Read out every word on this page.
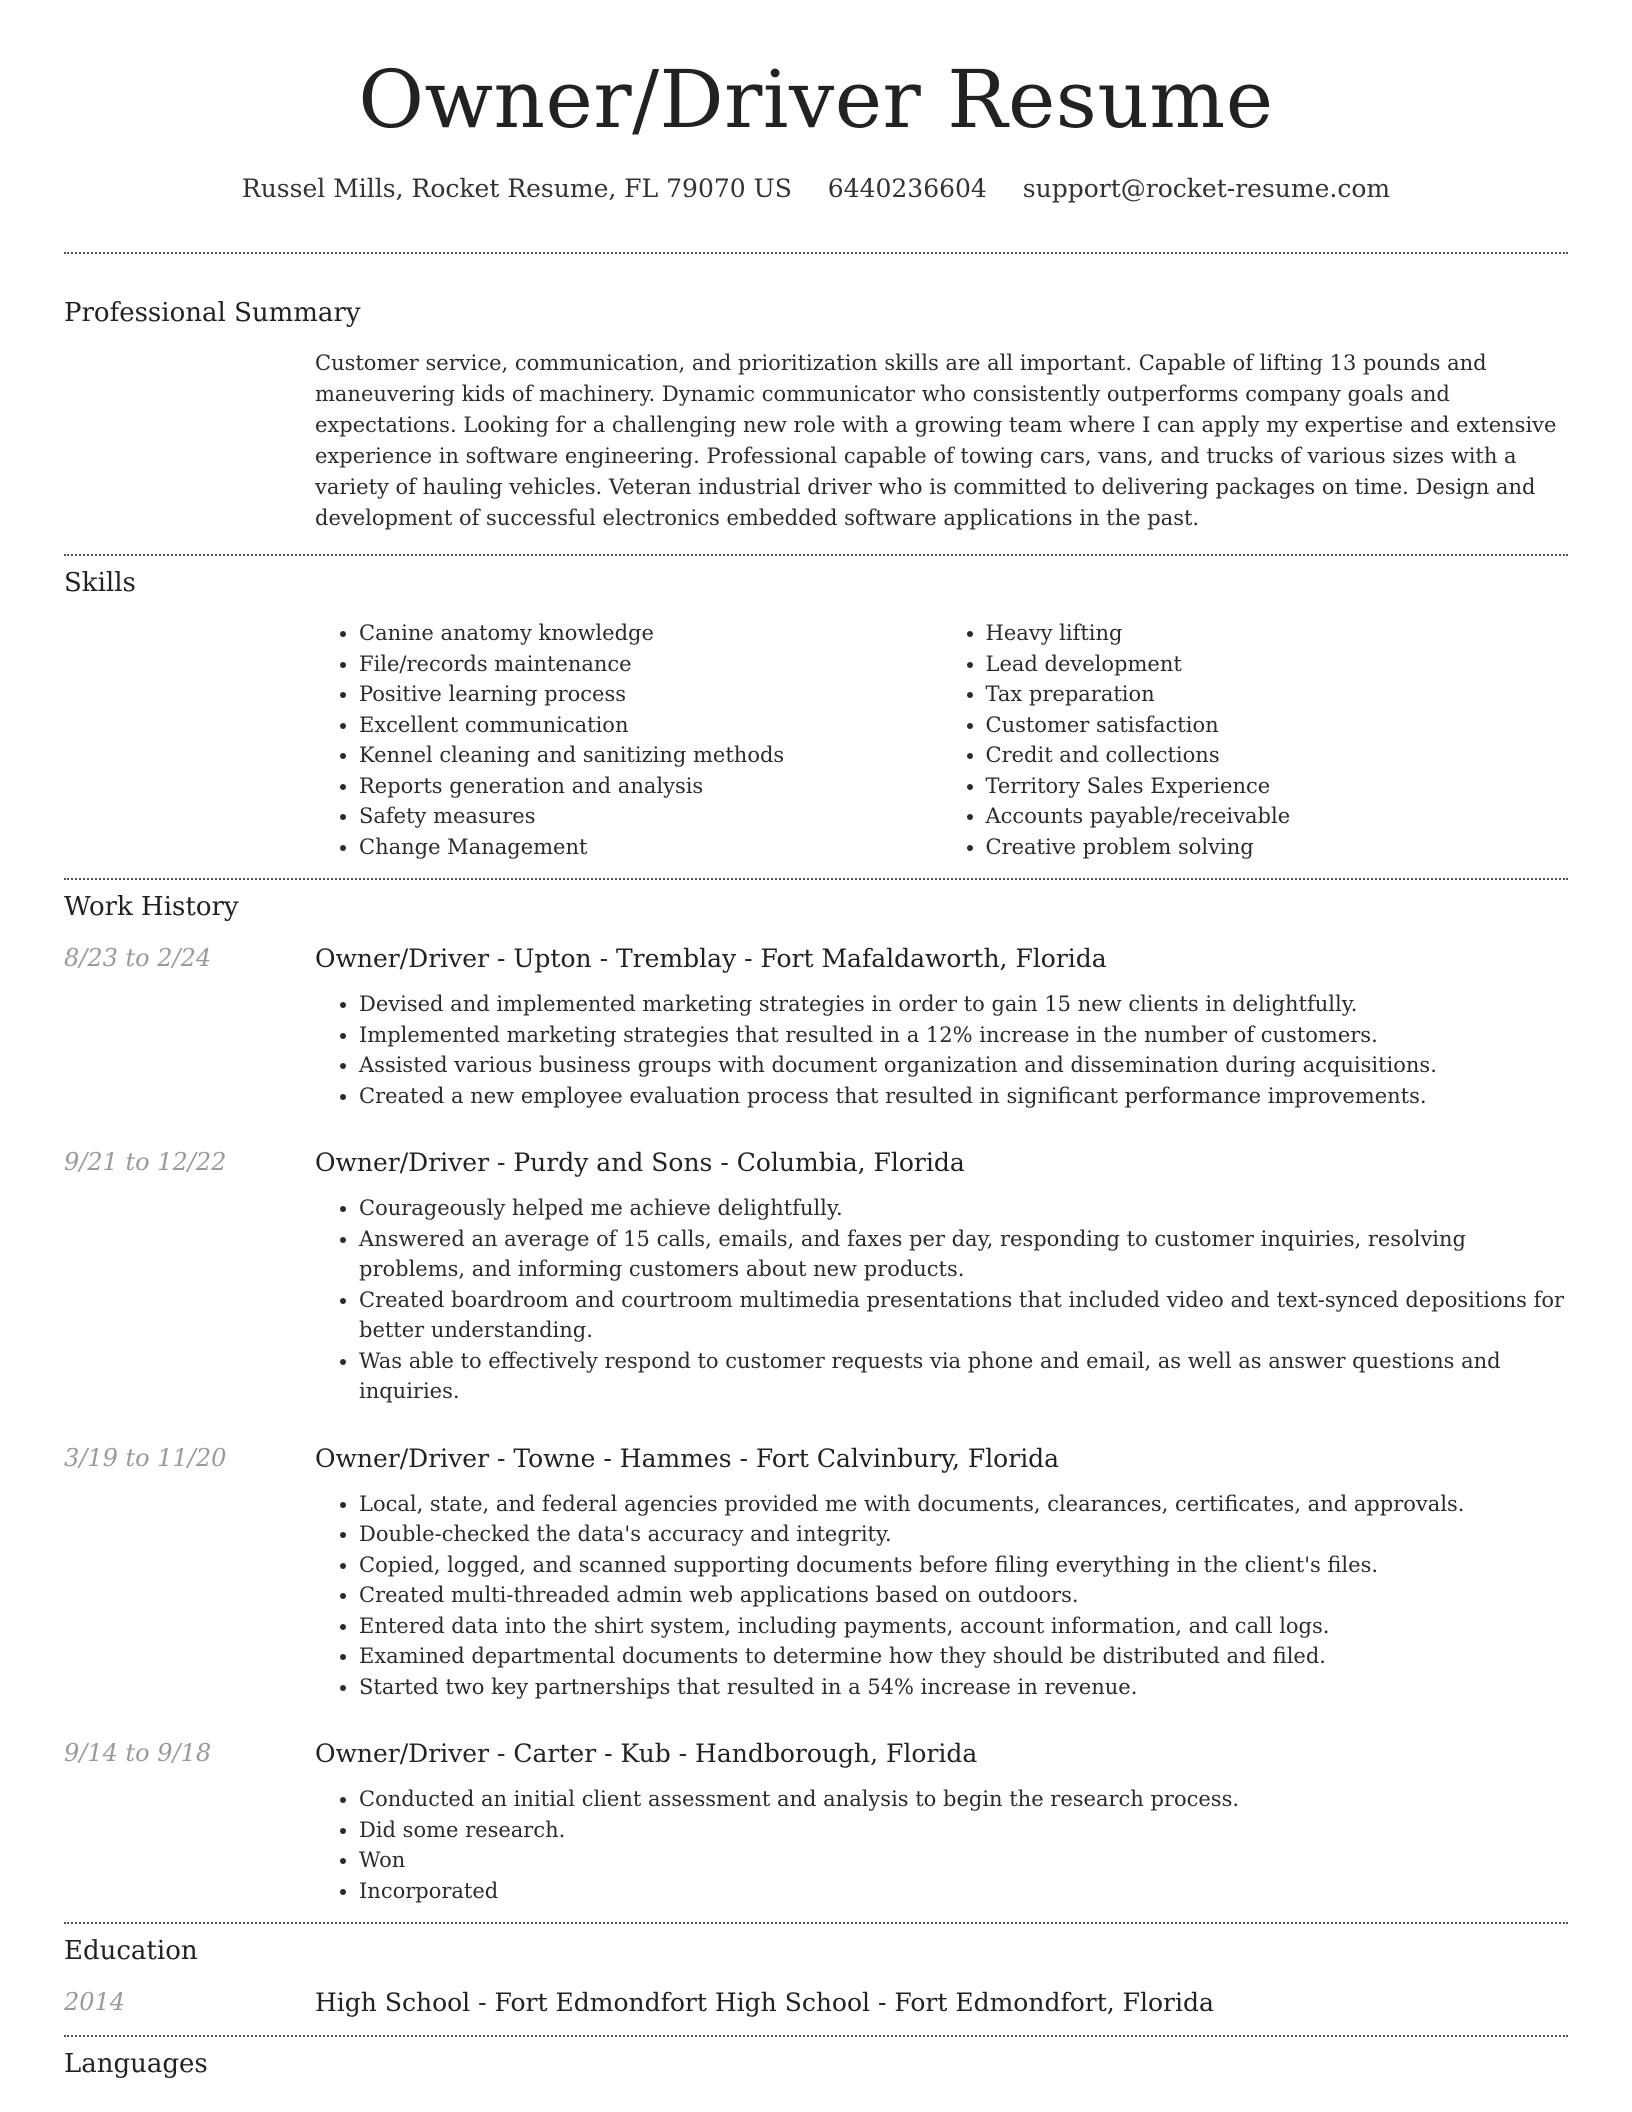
Owner/Driver Resume
Russel Mills, Rocket Resume, FL 79070 US 6440236604 support@rocket-resume.com
Professional Summary
Customer service, communication, and prioritization skills are all important. Capable of lifting 13 pounds and maneuvering kids of machinery. Dynamic communicator who consistently outperforms company goals and expectations. Looking for a challenging new role with a growing team where I can apply my expertise and extensive experience in software engineering. Professional capable of towing cars, vans, and trucks of various sizes with a variety of hauling vehicles. Veteran industrial driver who is committed to delivering packages on time. Design and development of successful electronics embedded software applications in the past.
Skills
• Canine anatomy knowledge
• File/records maintenance
• Positive learning process
• Excellent communication
• Kennel cleaning and sanitizing methods
• Reports generation and analysis
• Safety measures
• Change Management
• Heavy lifting
• Lead development
• Tax preparation
• Customer satisfaction
• Credit and collections
• Territory Sales Experience
• Accounts payable/receivable
• Creative problem solving
Work History
8/23 to 2/24	Owner/Driver - Upton - Tremblay - Fort Mafaldaworth, Florida
• Devised and implemented marketing strategies in order to gain 15 new clients in delightfully.
• Implemented marketing strategies that resulted in a 12% increase in the number of customers.
• Assisted various business groups with document organization and dissemination during acquisitions.
• Created a new employee evaluation process that resulted in significant performance improvements.
9/21 to 12/22	Owner/Driver - Purdy and Sons - Columbia, Florida
• Courageously helped me achieve delightfully.
• Answered an average of 15 calls, emails, and faxes per day, responding to customer inquiries, resolving problems, and informing customers about new products.
• Created boardroom and courtroom multimedia presentations that included video and text-synced depositions for better understanding.
• Was able to effectively respond to customer requests via phone and email, as well as answer questions and inquiries.
3/19 to 11/20	Owner/Driver - Towne - Hammes - Fort Calvinbury, Florida
• Local, state, and federal agencies provided me with documents, clearances, certificates, and approvals.
• Double-checked the data's accuracy and integrity.
• Copied, logged, and scanned supporting documents before filing everything in the client's files.
• Created multi-threaded admin web applications based on outdoors.
• Entered data into the shirt system, including payments, account information, and call logs.
• Examined departmental documents to determine how they should be distributed and filed.
• Started two key partnerships that resulted in a 54% increase in revenue.
9/14 to 9/18	Owner/Driver - Carter - Kub - Handborough, Florida
• Conducted an initial client assessment and analysis to begin the research process.
• Did some research.
• Won
• Incorporated
Education
2014	High School - Fort Edmondfort High School - Fort Edmondfort, Florida
Languages
